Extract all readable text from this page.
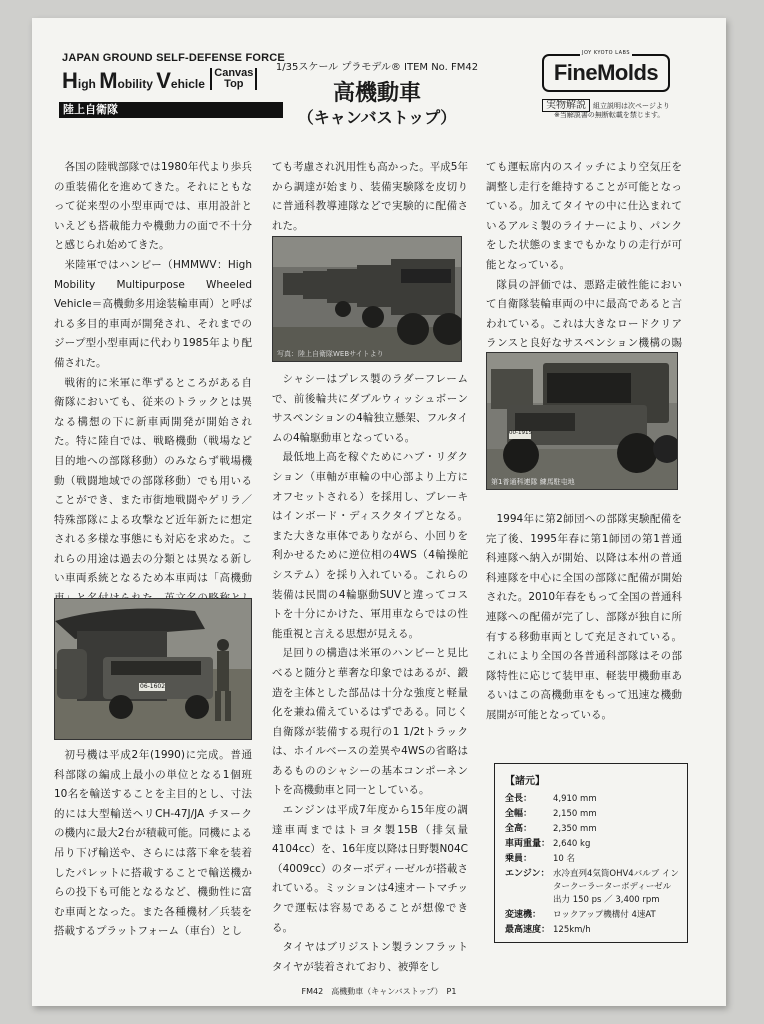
JAPAN GROUND SELF-DEFENSE FORCE
High Mobility Vehicle Canvas
Top
陸上自衛隊
1/35スケール プラモデル® ITEM No. FM42
高機動車
（キャンバストップ）
FineMolds
JOY KYOTO LABS
実物解説 組立説明は次ページより
※当解説書の無断転載を禁じます。

各国の陸戦部隊では1980年代より歩兵の重装備化を進めてきた。それにともなって従来型の小型車両では、車用設計といえども搭載能力や機動力の面で不十分と感じられ始めてきた。

米陸軍ではハンビー（HMMWV：High Mobility Multipurpose Wheeled Vehicle＝高機動多用途装輪車両）と呼ばれる多目的車両が開発され、それまでのジープ型小型車両に代わり1985年より配備された。

戦術的に米軍に準ずるところがある自衛隊においても、従来のトラックとは異なる構想の下に新車両開発が開始された。特に陸自では、戦略機動（戦場など目的地への部隊移動）のみならず戦場機動（戦闘地域での部隊移動）でも用いることができ、また市街地戦闘やゲリラ／特殊部隊による攻撃など近年新たに想定される多様な事態にも対応を求めた。これらの用途は過去の分類とは異なる新しい車両系統となるため本車両は「高機動

06-1602

初号機は平成2年(1990)に完成。普通科部隊の編成上最小の単位となる1個班10名を輸送することを主目的とし、寸法的には大型輸送ヘリCH-47J/JA チヌークの機内に最大2台が積載可能。同機による吊り下げ輸送や、さらには落下傘を装着したパレットに搭載することで輸送機からの投下も可能となるなど、機動性に富む車両となった。また各種機材／兵装を搭載するプラットフォーム（車台）とし

ても考慮され汎用性も高かった。平成5年から調達が始まり、装備実験隊を皮切りに普通科教導連隊などで実験的に配備された。

写真：陸上自衛隊WEBサイトより

シャシーはプレス製のラダーフレームで、前後輪共にダブルウィッシュボーンサスペンションの4輪独立懸架、フルタイムの4輪駆動車となっている。

最低地上高を稼ぐためにハブ・リダクション（車軸が車輪の中心部より上方にオフセットされる）を採用し、ブレーキはインボード・ディスクタイプとなる。また大きな車体でありながら、小回りを利かせるために逆位相の4WS（4輪操舵システム）を採り入れている。これらの装備は民間の4輪駆動SUVと違ってコストを十分にかけた、軍用車ならではの性能重視と言える思想が見える。

足回りの構造は米軍のハンビーと見比べると随分と華奢な印象ではあるが、鍛造を主体とした部品は十分な強度と軽量化を兼ね備えているはずである。同じく自衛隊が装備する現行の1 1/2tトラックは、ホイルベースの差異や4WSの省略はあるもののシャシーの基本コンポーネントを高機動車と同一としている。

エンジンは平成7年度から15年度の調達車両まではトヨタ製15B（排気量4104cc）を、16年度以降は日野製N04C（4009cc）のターボディーゼルが搭載されている。ミッションは4速オートマチックで運転は容易であることが想像できる。

タイヤはブリジストン製ランフラットタイヤが装着されており、被弾をし

ても運転席内のスイッチにより空気圧を調整し走行を維持することが可能となっている。加えてタイヤの中に仕込まれているアルミ製のライナーにより、パンクをした状態のままでもかなりの走行が可能となっている。

隊員の評価では、悪路走破性能において自衛隊装輪車両の中に最高であると言われている。これは大きなロードクリアランスと良好なサスペンション機構の賜

00-1915
第1普通科連隊 練馬駐屯地

1994年に第2師団への部隊実験配備を完了後、1995年春に第1師団の第1普通科連隊へ納入が開始、以降は本州の普通科連隊を中心に全国の部隊に配備が開始された。2010年春をもって全国の普通科連隊への配備が完了し、部隊が独自に所有する移動車両として充足されている。これにより全国の各普通科部隊はその部隊特性に応じて装甲車、軽装甲機動車あるいはこの高機動車をもって迅速な機動展開が可能となっている。

【諸元】
全長：	4,910 mm
全幅：	2,150 mm
全高：	2,350 mm
車両重量：	2,640 kg
乗員：	10 名
エンジン：	水冷直列4気筒OHV4バルブ インタークーラーターボディーゼル 出力 150 ps ／ 3,400 rpm
変速機：	ロックアップ機構付 4速AT
最高速度：	125km/h
FM42　高機動車（キャンバストップ）　P1
